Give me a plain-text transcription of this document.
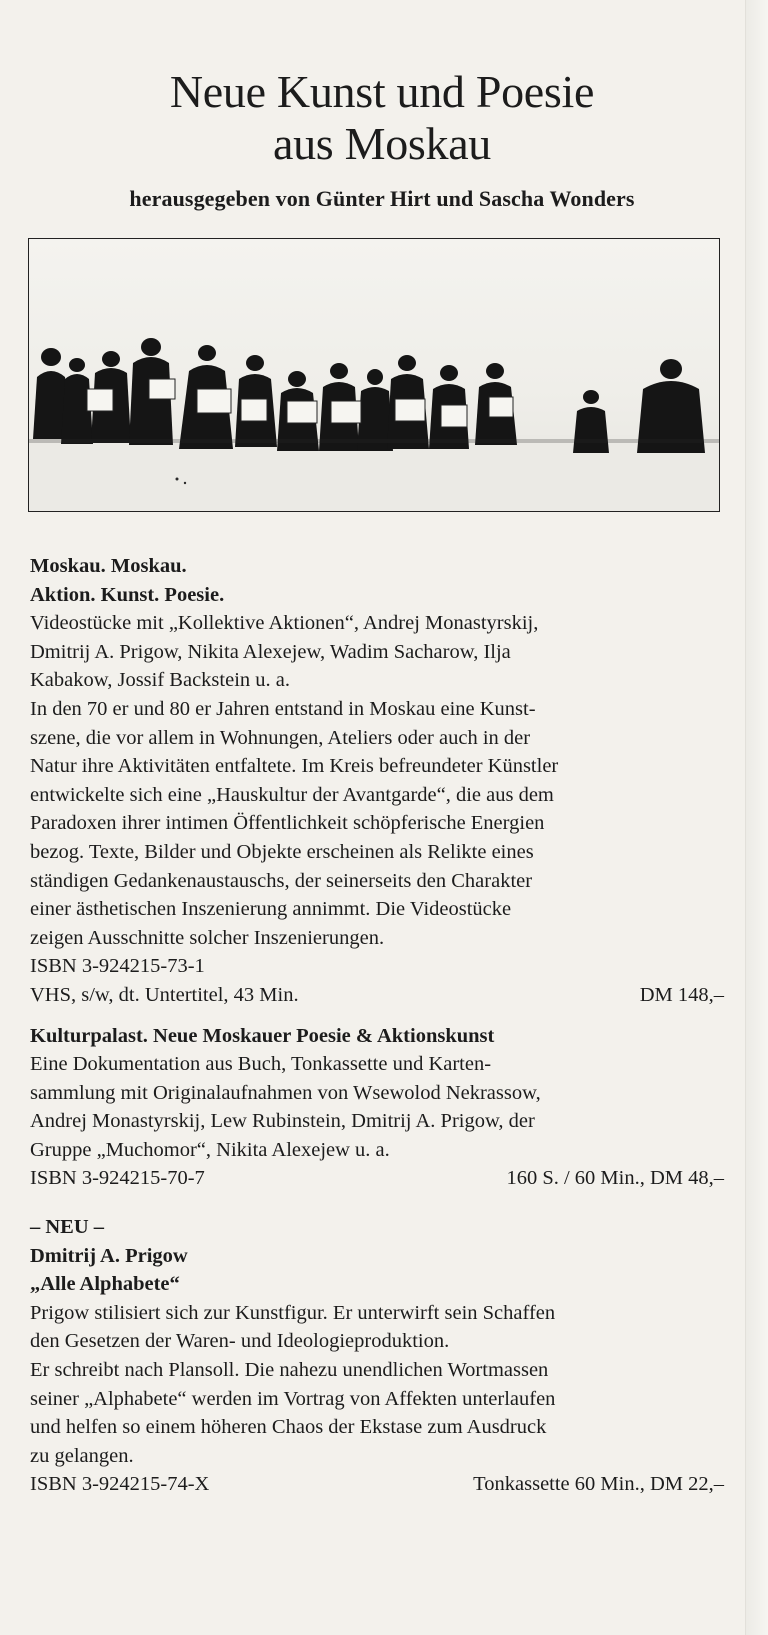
Neue Kunst und Poesie
aus Moskau
herausgegeben von Günter Hirt und Sascha Wonders
Moskau. Moskau.
Aktion. Kunst. Poesie.
Videostücke mit „Kollektive Aktionen“, Andrej Monastyrskij,
Dmitrij A. Prigow, Nikita Alexejew, Wadim Sacharow, Ilja
Kabakow, Jossif Backstein u. a.
In den 70 er und 80 er Jahren entstand in Moskau eine Kunst-
szene, die vor allem in Wohnungen, Ateliers oder auch in der
Natur ihre Aktivitäten entfaltete. Im Kreis befreundeter Künstler
entwickelte sich eine „Hauskultur der Avantgarde“, die aus dem
Paradoxen ihrer intimen Öffentlichkeit schöpferische Energien
bezog. Texte, Bilder und Objekte erscheinen als Relikte eines
ständigen Gedankenaustauschs, der seinerseits den Charakter
einer ästhetischen Inszenierung annimmt. Die Videostücke
zeigen Ausschnitte solcher Inszenierungen.
ISBN 3-924215-73-1
VHS, s/w, dt. Untertitel, 43 Min.	DM 148,–
Kulturpalast. Neue Moskauer Poesie & Aktionskunst
Eine Dokumentation aus Buch, Tonkassette und Karten-
sammlung mit Originalaufnahmen von Wsewolod Nekrassow,
Andrej Monastyrskij, Lew Rubinstein, Dmitrij A. Prigow, der
Gruppe „Muchomor“, Nikita Alexejew u. a.
ISBN 3-924215-70-7	160 S. / 60 Min., DM 48,–
– NEU –
Dmitrij A. Prigow
„Alle Alphabete“
Prigow stilisiert sich zur Kunstfigur. Er unterwirft sein Schaffen
den Gesetzen der Waren- und Ideologieproduktion.
Er schreibt nach Plansoll. Die nahezu unendlichen Wortmassen
seiner „Alphabete“ werden im Vortrag von Affekten unterlaufen
und helfen so einem höheren Chaos der Ekstase zum Ausdruck
zu gelangen.
ISBN 3-924215-74-X	Tonkassette 60 Min., DM 22,–
